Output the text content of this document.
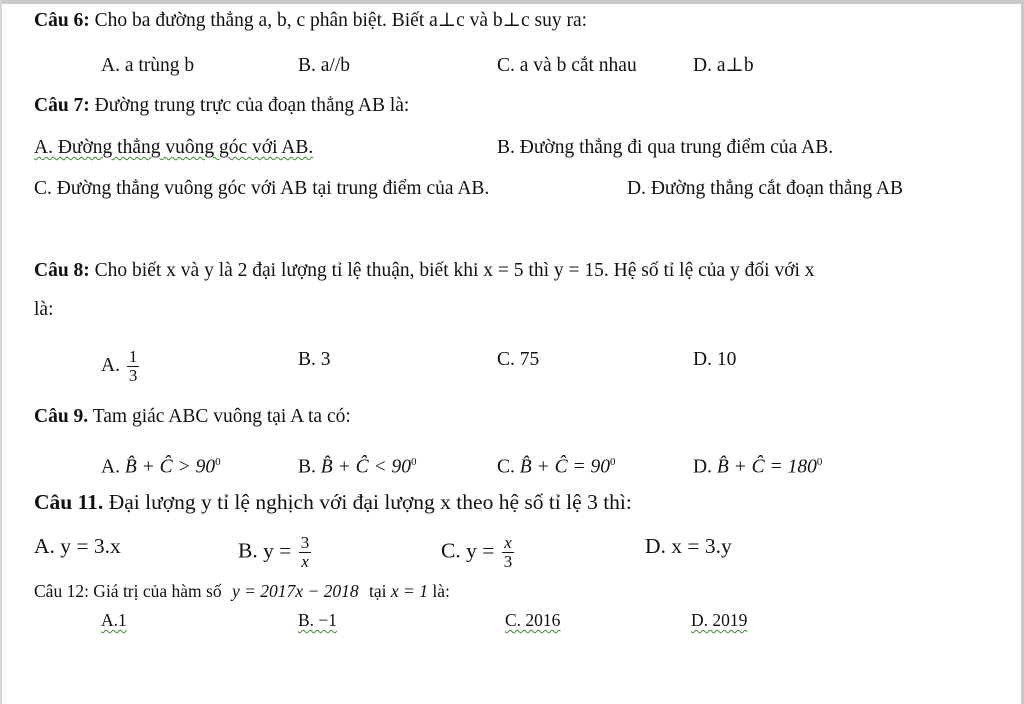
Câu 6: Cho ba đường thẳng a, b, c phân biệt. Biết a⊥c và b⊥c suy ra:
A. a trùng b	B. a//b	C. a và b cắt nhau	D. a⊥b
Câu 7: Đường trung trực của đoạn thẳng AB là:
A. Đường thẳng vuông góc với AB.	B. Đường thẳng đi qua trung điểm của AB.
C. Đường thẳng vuông góc với AB tại trung điểm của AB.	D. Đường thẳng cắt đoạn thẳng AB
Câu 8: Cho biết x và y là 2 đại lượng tỉ lệ thuận, biết khi x = 5 thì y = 15. Hệ số tỉ lệ của y đối với x
là:
A. $\frac{1}{3}$	B. 3	C. 75	D. 10
Câu 9. Tam giác ABC vuông tại A ta có:
A. B̂ + Ĉ > $90^0$	B. B̂ + Ĉ < $90^0$	C. B̂ + Ĉ = $90^0$	D. B̂ + Ĉ = $180^0$
Câu 11. Đại lượng y tỉ lệ nghịch với đại lượng x theo hệ số tỉ lệ 3 thì:
A. y = 3.x	B. $y = \frac{3}{x}$	C. $y = \frac{x}{3}$	D. x = 3.y
Câu 12: Giá trị của hàm số y = 2017x − 2018 tại x = 1 là:
A.1	B. −1	C. 2016	D. 2019
